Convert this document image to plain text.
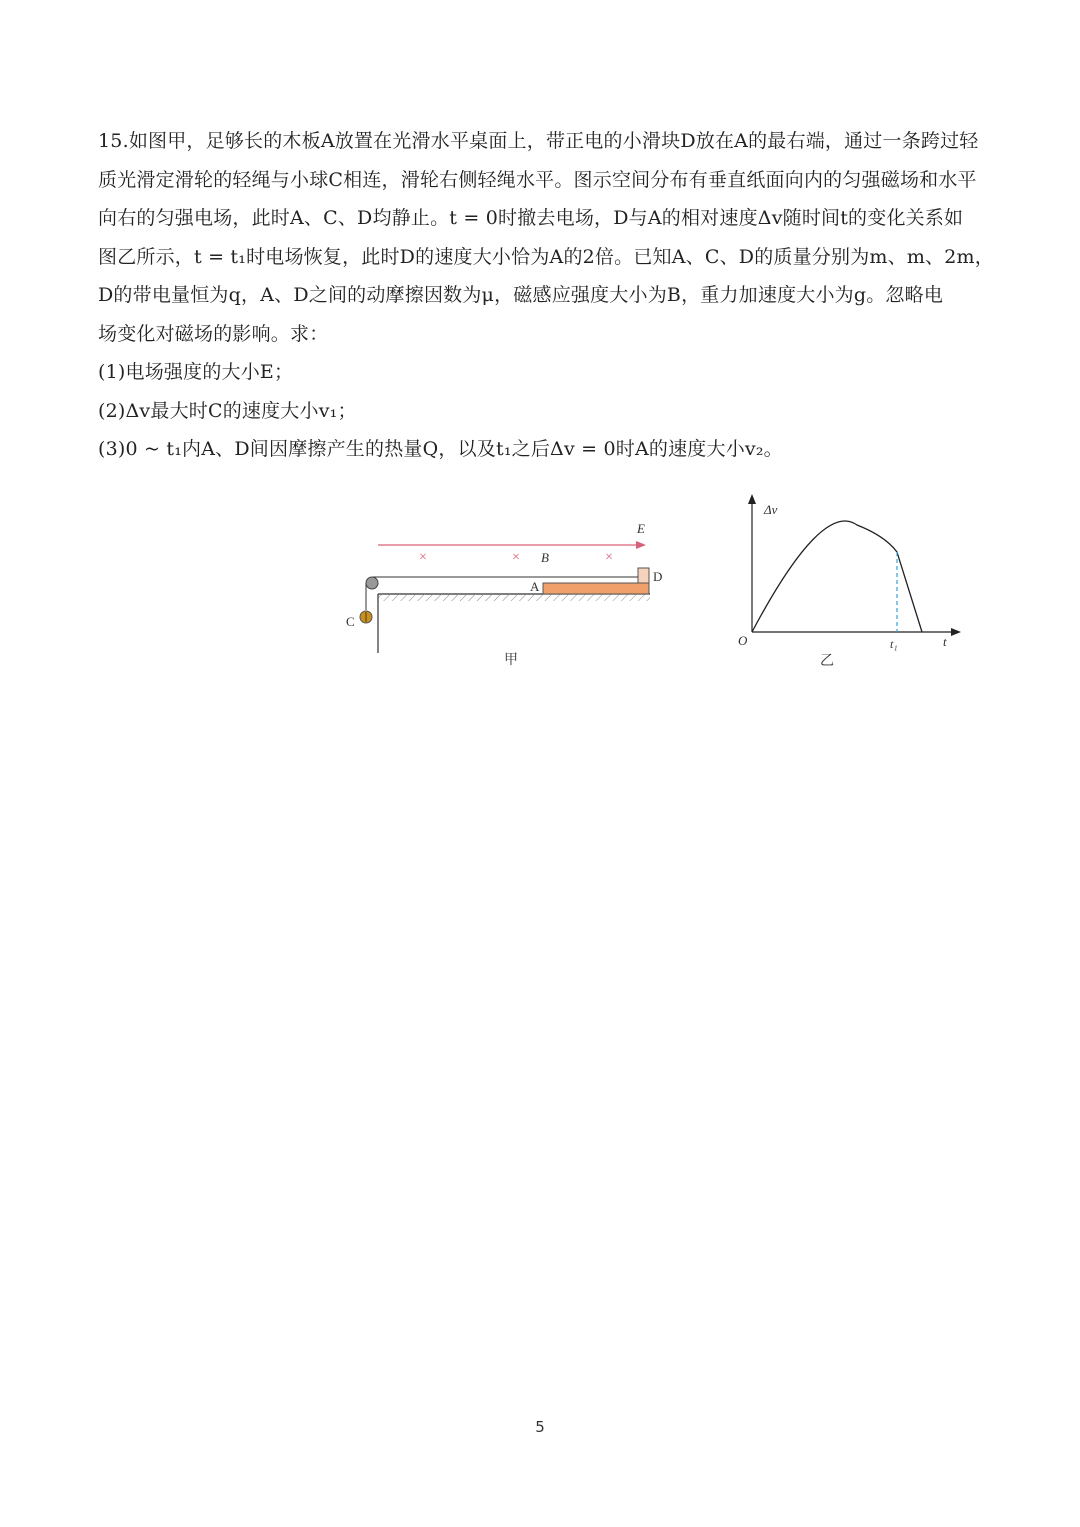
15.如图甲，足够长的木板A放置在光滑水平桌面上，带正电的小滑块D放在A的最右端，通过一条跨过轻
质光滑定滑轮的轻绳与小球C相连，滑轮右侧轻绳水平。图示空间分布有垂直纸面向内的匀强磁场和水平
向右的匀强电场，此时A、C、D均静止。t = 0时撤去电场，D与A的相对速度Δv随时间t的变化关系如
图乙所示，t = t₁时电场恢复，此时D的速度大小恰为A的2倍。已知A、C、D的质量分别为m、m、2m，
D的带电量恒为q，A、D之间的动摩擦因数为μ，磁感应强度大小为B，重力加速度大小为g。忽略电
场变化对磁场的影响。求：
(1)电场强度的大小E；
(2)Δv最大时C的速度大小v₁；
(3)0 ~ t₁内A、D间因摩擦产生的热量Q，以及t₁之后Δv = 0时A的速度大小v₂。
E
×	×	×
B
C
A
D
甲
Δv
t
O	t₁
乙
5
